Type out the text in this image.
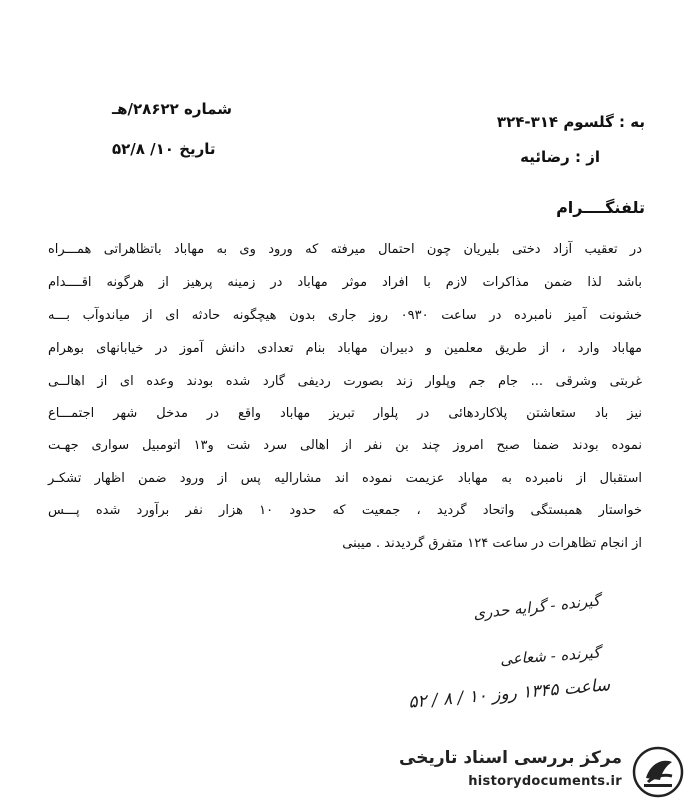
به : گلسوم ۳۱۴-۳۲۴
از : رضائیه
شماره ۲۸۶۲۲/هـ
تاریخ ۱۰/ ۵۲/۸
تلفنگــــرام
در تعقیب آزاد دختی بلیریان چون احتمال میرفته که ورود وی به مهاباد باتظاهراتی همـــراه
باشد لذا ضمن مذاکرات لازم با افراد موثر مهاباد در زمینه پرهیز از هرگونه اقــــدام
خشونت آمیز نامبرده در ساعت ۰۹۳۰ روز جاری بدون هیچگونه حادثه ای از میاندوآب بـــه
مهاباد وارد ، از طریق معلمین و دبیران مهاباد بنام تعدادی دانش آموز در خیابانهای بوهرام
غربتی وشرقی ... جام جم وپلوار زند بصورت ردیفی گارد شده بودند وعده ای از اهالــی
نیز باد ستعاشتن پلاکاردهائی در پلوار تبریز مهاباد واقع در مدخل شهر اجتمـــاع
نموده بودند ضمنا صبح امروز چند بن نفر از اهالی سرد شت و۱۳ اتومبیل سواری جهـت
استقبال از نامبرده به مهاباد عزیمت نموده اند مشارالیه پس از ورود ضمن اظهار تشکـر
خواستار همبستگی واتحاد گردید ، جمعیت که حدود ۱۰ هزار نفر برآورد شده پـــس
از انجام تظاهرات در ساعت ۱۲۴ متفرق گردیدند . میبنی
گیرنده - گرایه حدری
گیرنده - شعاعی
ساعت ۱۳۴۵ روز ۱۰ / ۸ / ۵۲
مرکز بررسی اسناد تاریخی
historydocuments.ir
